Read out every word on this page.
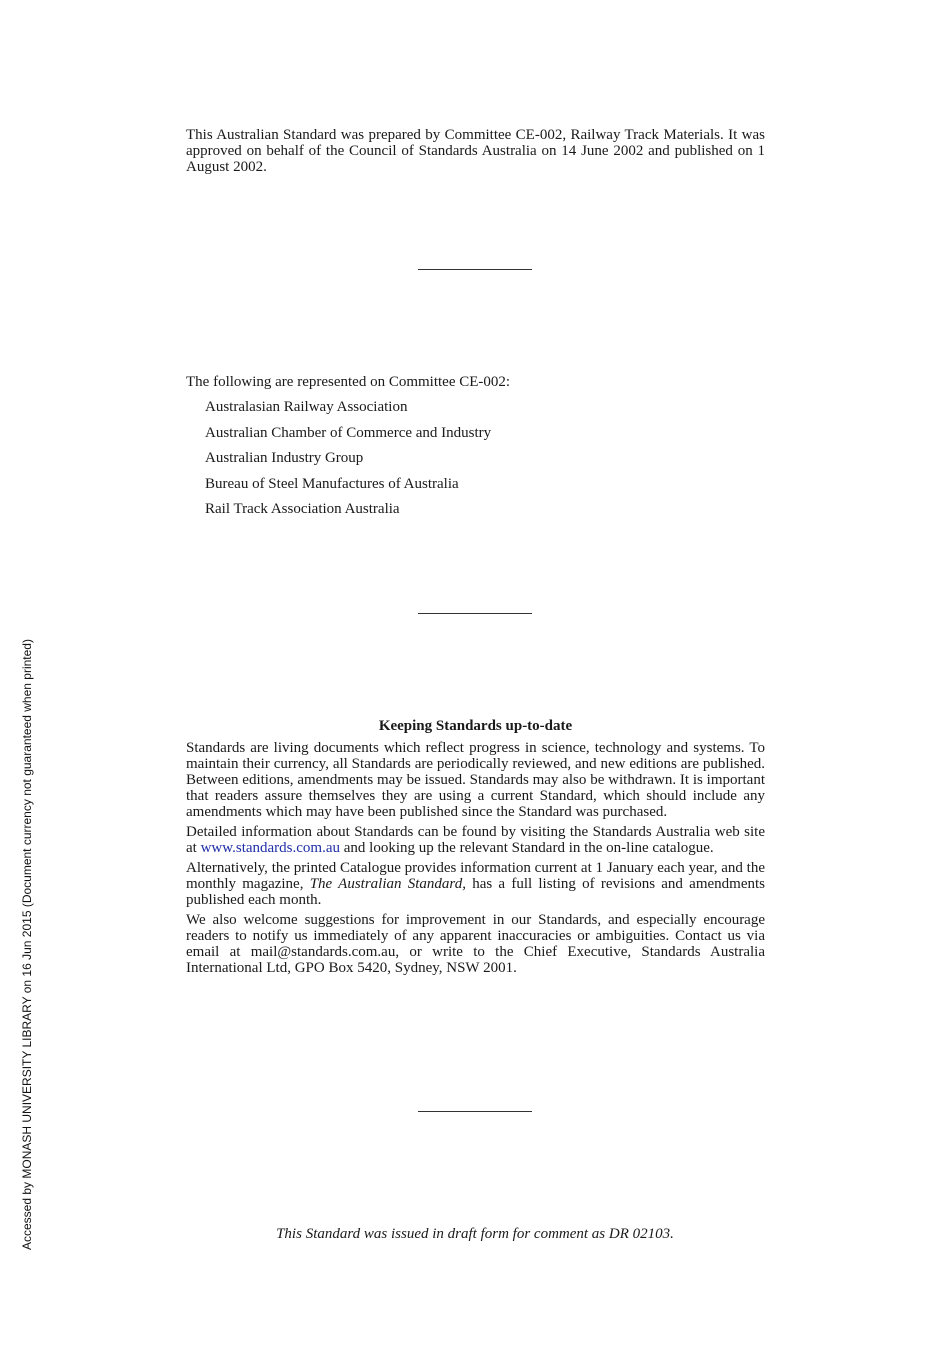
This Australian Standard was prepared by Committee CE-002, Railway Track Materials. It was approved on behalf of the Council of Standards Australia on 14 June 2002 and published on 1 August 2002.
The following are represented on Committee CE-002:
Australasian Railway Association
Australian Chamber of Commerce and Industry
Australian Industry Group
Bureau of Steel Manufactures of Australia
Rail Track Association Australia
Keeping Standards up-to-date

Standards are living documents which reflect progress in science, technology and systems. To maintain their currency, all Standards are periodically reviewed, and new editions are published. Between editions, amendments may be issued. Standards may also be withdrawn. It is important that readers assure themselves they are using a current Standard, which should include any amendments which may have been published since the Standard was purchased.

Detailed information about Standards can be found by visiting the Standards Australia web site at www.standards.com.au and looking up the relevant Standard in the on-line catalogue.

Alternatively, the printed Catalogue provides information current at 1 January each year, and the monthly magazine, The Australian Standard, has a full listing of revisions and amendments published each month.

We also welcome suggestions for improvement in our Standards, and especially encourage readers to notify us immediately of any apparent inaccuracies or ambiguities. Contact us via email at mail@standards.com.au, or write to the Chief Executive, Standards Australia International Ltd, GPO Box 5420, Sydney, NSW 2001.

This Standard was issued in draft form for comment as DR 02103.
Accessed by MONASH UNIVERSITY LIBRARY on 16 Jun 2015 (Document currency not guaranteed when printed)
